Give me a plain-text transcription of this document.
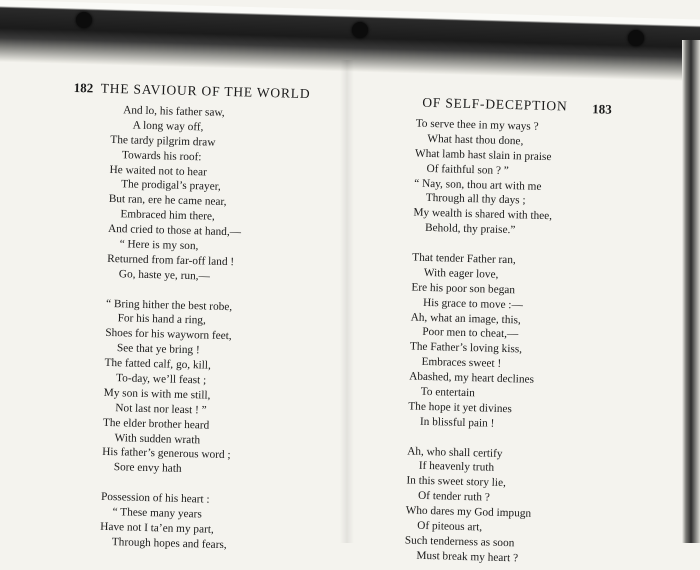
182 THE SAVIOUR OF THE WORLD
And lo, his father saw,
A long way off,
The tardy pilgrim draw
Towards his roof:
He waited not to hear
The prodigal’s prayer,
But ran, ere he came near,
Embraced him there,
And cried to those at hand,—
“ Here is my son,
Returned from far-off land !
Go, haste ye, run,—
“ Bring hither the best robe,
For his hand a ring,
Shoes for his wayworn feet,
See that ye bring !
The fatted calf, go, kill,
To-day, we’ll feast ;
My son is with me still,
Not last nor least ! ”
The elder brother heard
With sudden wrath
His father’s generous word ;
Sore envy hath
Possession of his heart :
“ These many years
Have not I ta’en my part,
Through hopes and fears,
OF SELF-DECEPTION 183
To serve thee in my ways ?
What hast thou done,
What lamb hast slain in praise
Of faithful son ? ”
“ Nay, son, thou art with me
Through all thy days ;
My wealth is shared with thee,
Behold, thy praise.”
That tender Father ran,
With eager love,
Ere his poor son began
His grace to move :—
Ah, what an image, this,
Poor men to cheat,—
The Father’s loving kiss,
Embraces sweet !
Abashed, my heart declines
To entertain
The hope it yet divines
In blissful pain !
Ah, who shall certify
If heavenly truth
In this sweet story lie,
Of tender ruth ?
Who dares my God impugn
Of piteous art,
Such tenderness as soon
Must break my heart ?
